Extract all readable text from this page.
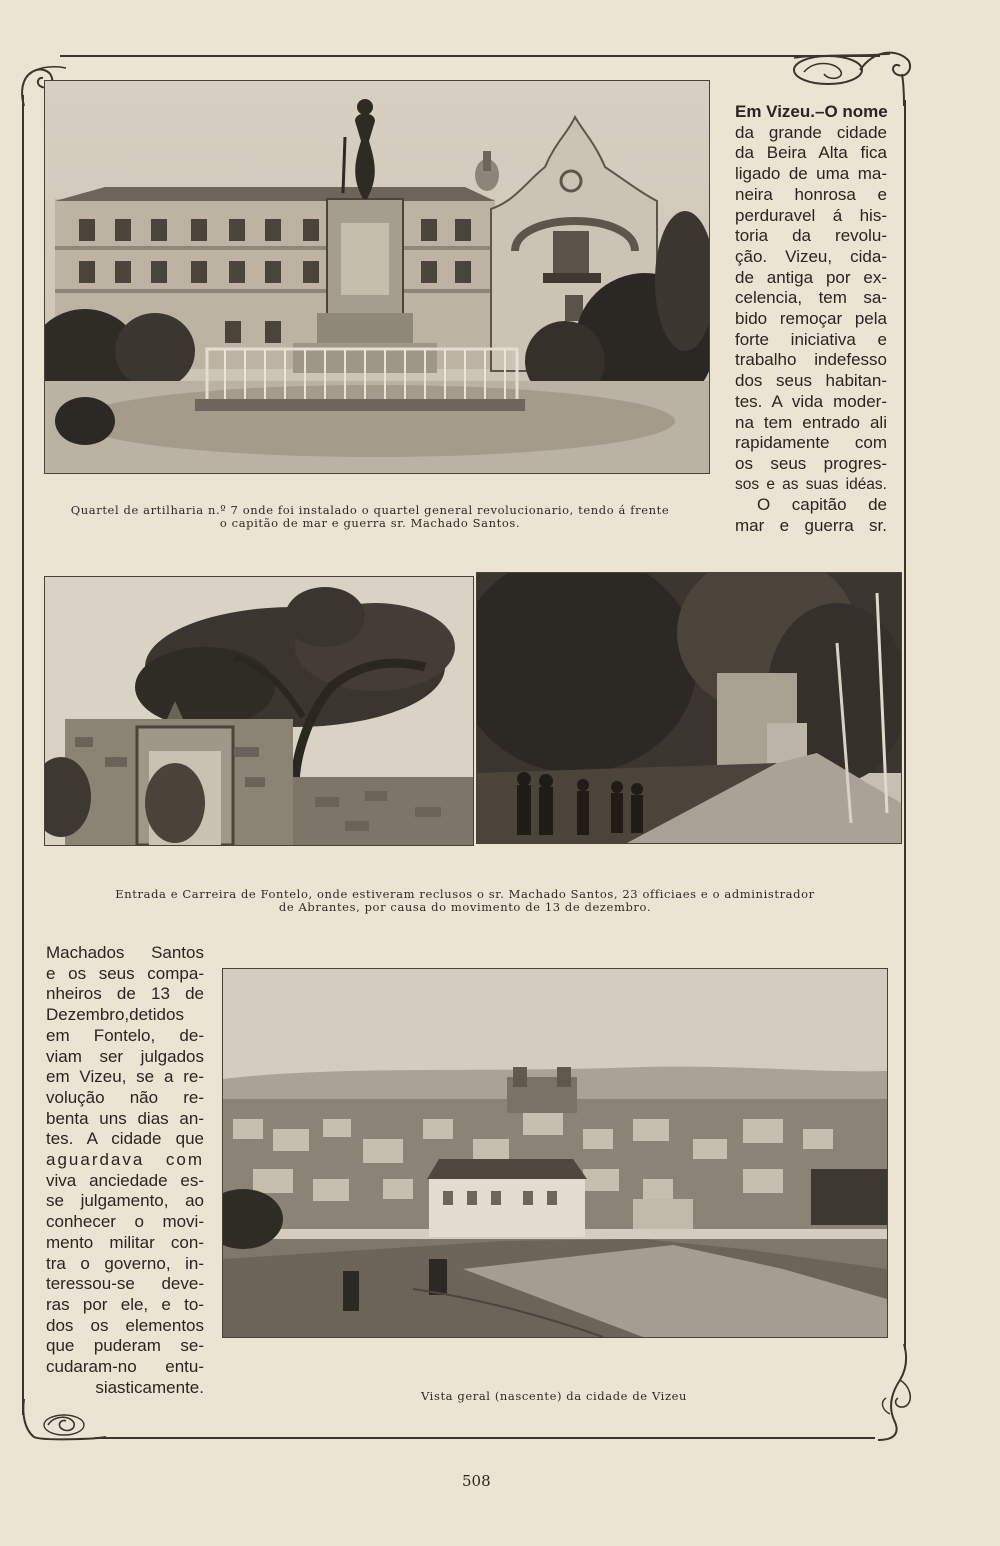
Quartel de artilharia n.º 7 onde foi instalado o quartel general revolucionario, tendo á frente
o capitão de mar e guerra sr. Machado Santos.
Em Vizeu.–O nome
da grande cidade
da Beira Alta fica
ligado de uma ma-
neira honrosa e
perduravel á his-
toria da revolu-
ção. Vizeu, cida-
de antiga por ex-
celencia, tem sa-
bido remoçar pela
forte iniciativa e
trabalho indefesso
dos seus habitan-
tes. A vida moder-
na tem entrado ali
rapidamente com
os seus progres-
sos e as suas idéas.
O capitão de
mar e guerra sr.
Entrada e Carreira de Fontelo, onde estiveram reclusos o sr. Machado Santos, 23 officiaes e o administrador
de Abrantes, por causa do movimento de 13 de dezembro.
Machados Santos
e os seus compa-
nheiros de 13 de
Dezembro,detidos
em Fontelo, de-
viam ser julgados
em Vizeu, se a re-
volução não re-
benta uns dias an-
tes. A cidade que
aguardava com
viva anciedade es-
se julgamento, ao
conhecer o movi-
mento militar con-
tra o governo, in-
teressou-se deve-
ras por ele, e to-
dos os elementos
que puderam se-
cudaram-no entu-
siasticamente.	Vista geral (nascente) da cidade de Vizeu
508
